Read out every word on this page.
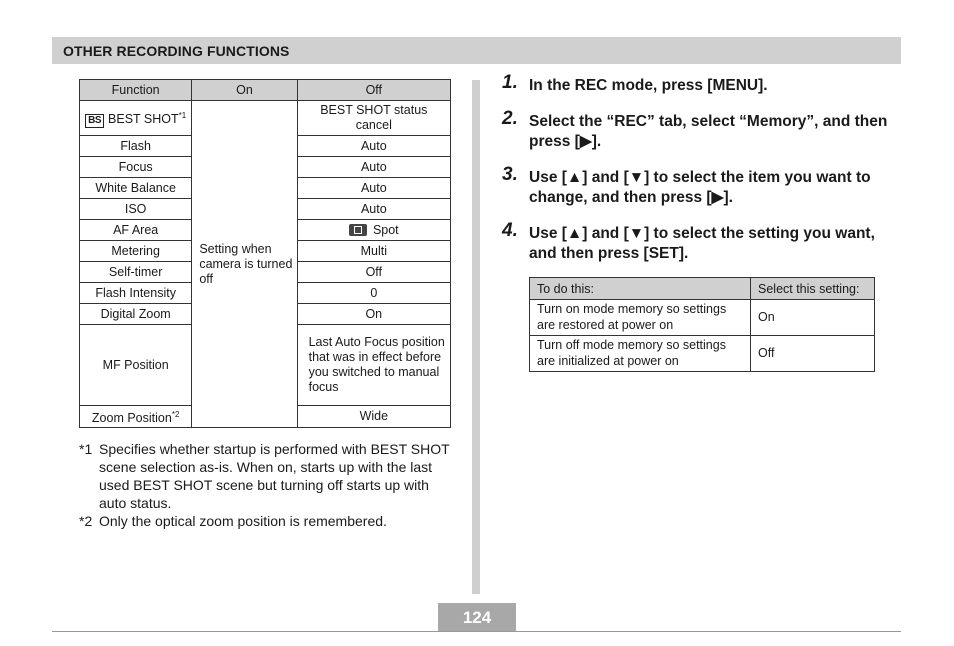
OTHER RECORDING FUNCTIONS
Function	On	Off
BS BEST SHOT$^{*1}$	Setting when camera is turned off	BEST SHOT status cancel
Flash		Auto
Focus		Auto
White Balance		Auto
ISO		Auto
AF Area		Spot
Metering		Multi
Self-timer		Off
Flash Intensity		0
Digital Zoom		On
MF Position		Last Auto Focus position that was in effect before you switched to manual focus
Zoom Position$^{*2}$		Wide
*1 Specifies whether startup is performed with BEST SHOT scene selection as-is. When on, starts up with the last used BEST SHOT scene but turning off starts up with auto status.
*2 Only the optical zoom position is remembered.
1. In the REC mode, press [MENU].
2. Select the “REC” tab, select “Memory”, and then press [▶].
3. Use [▲] and [▼] to select the item you want to change, and then press [▶].
4. Use [▲] and [▼] to select the setting you want, and then press [SET].
To do this:	Select this setting:
Turn on mode memory so settings are restored at power on	On
Turn off mode memory so settings are initialized at power on	Off
124
